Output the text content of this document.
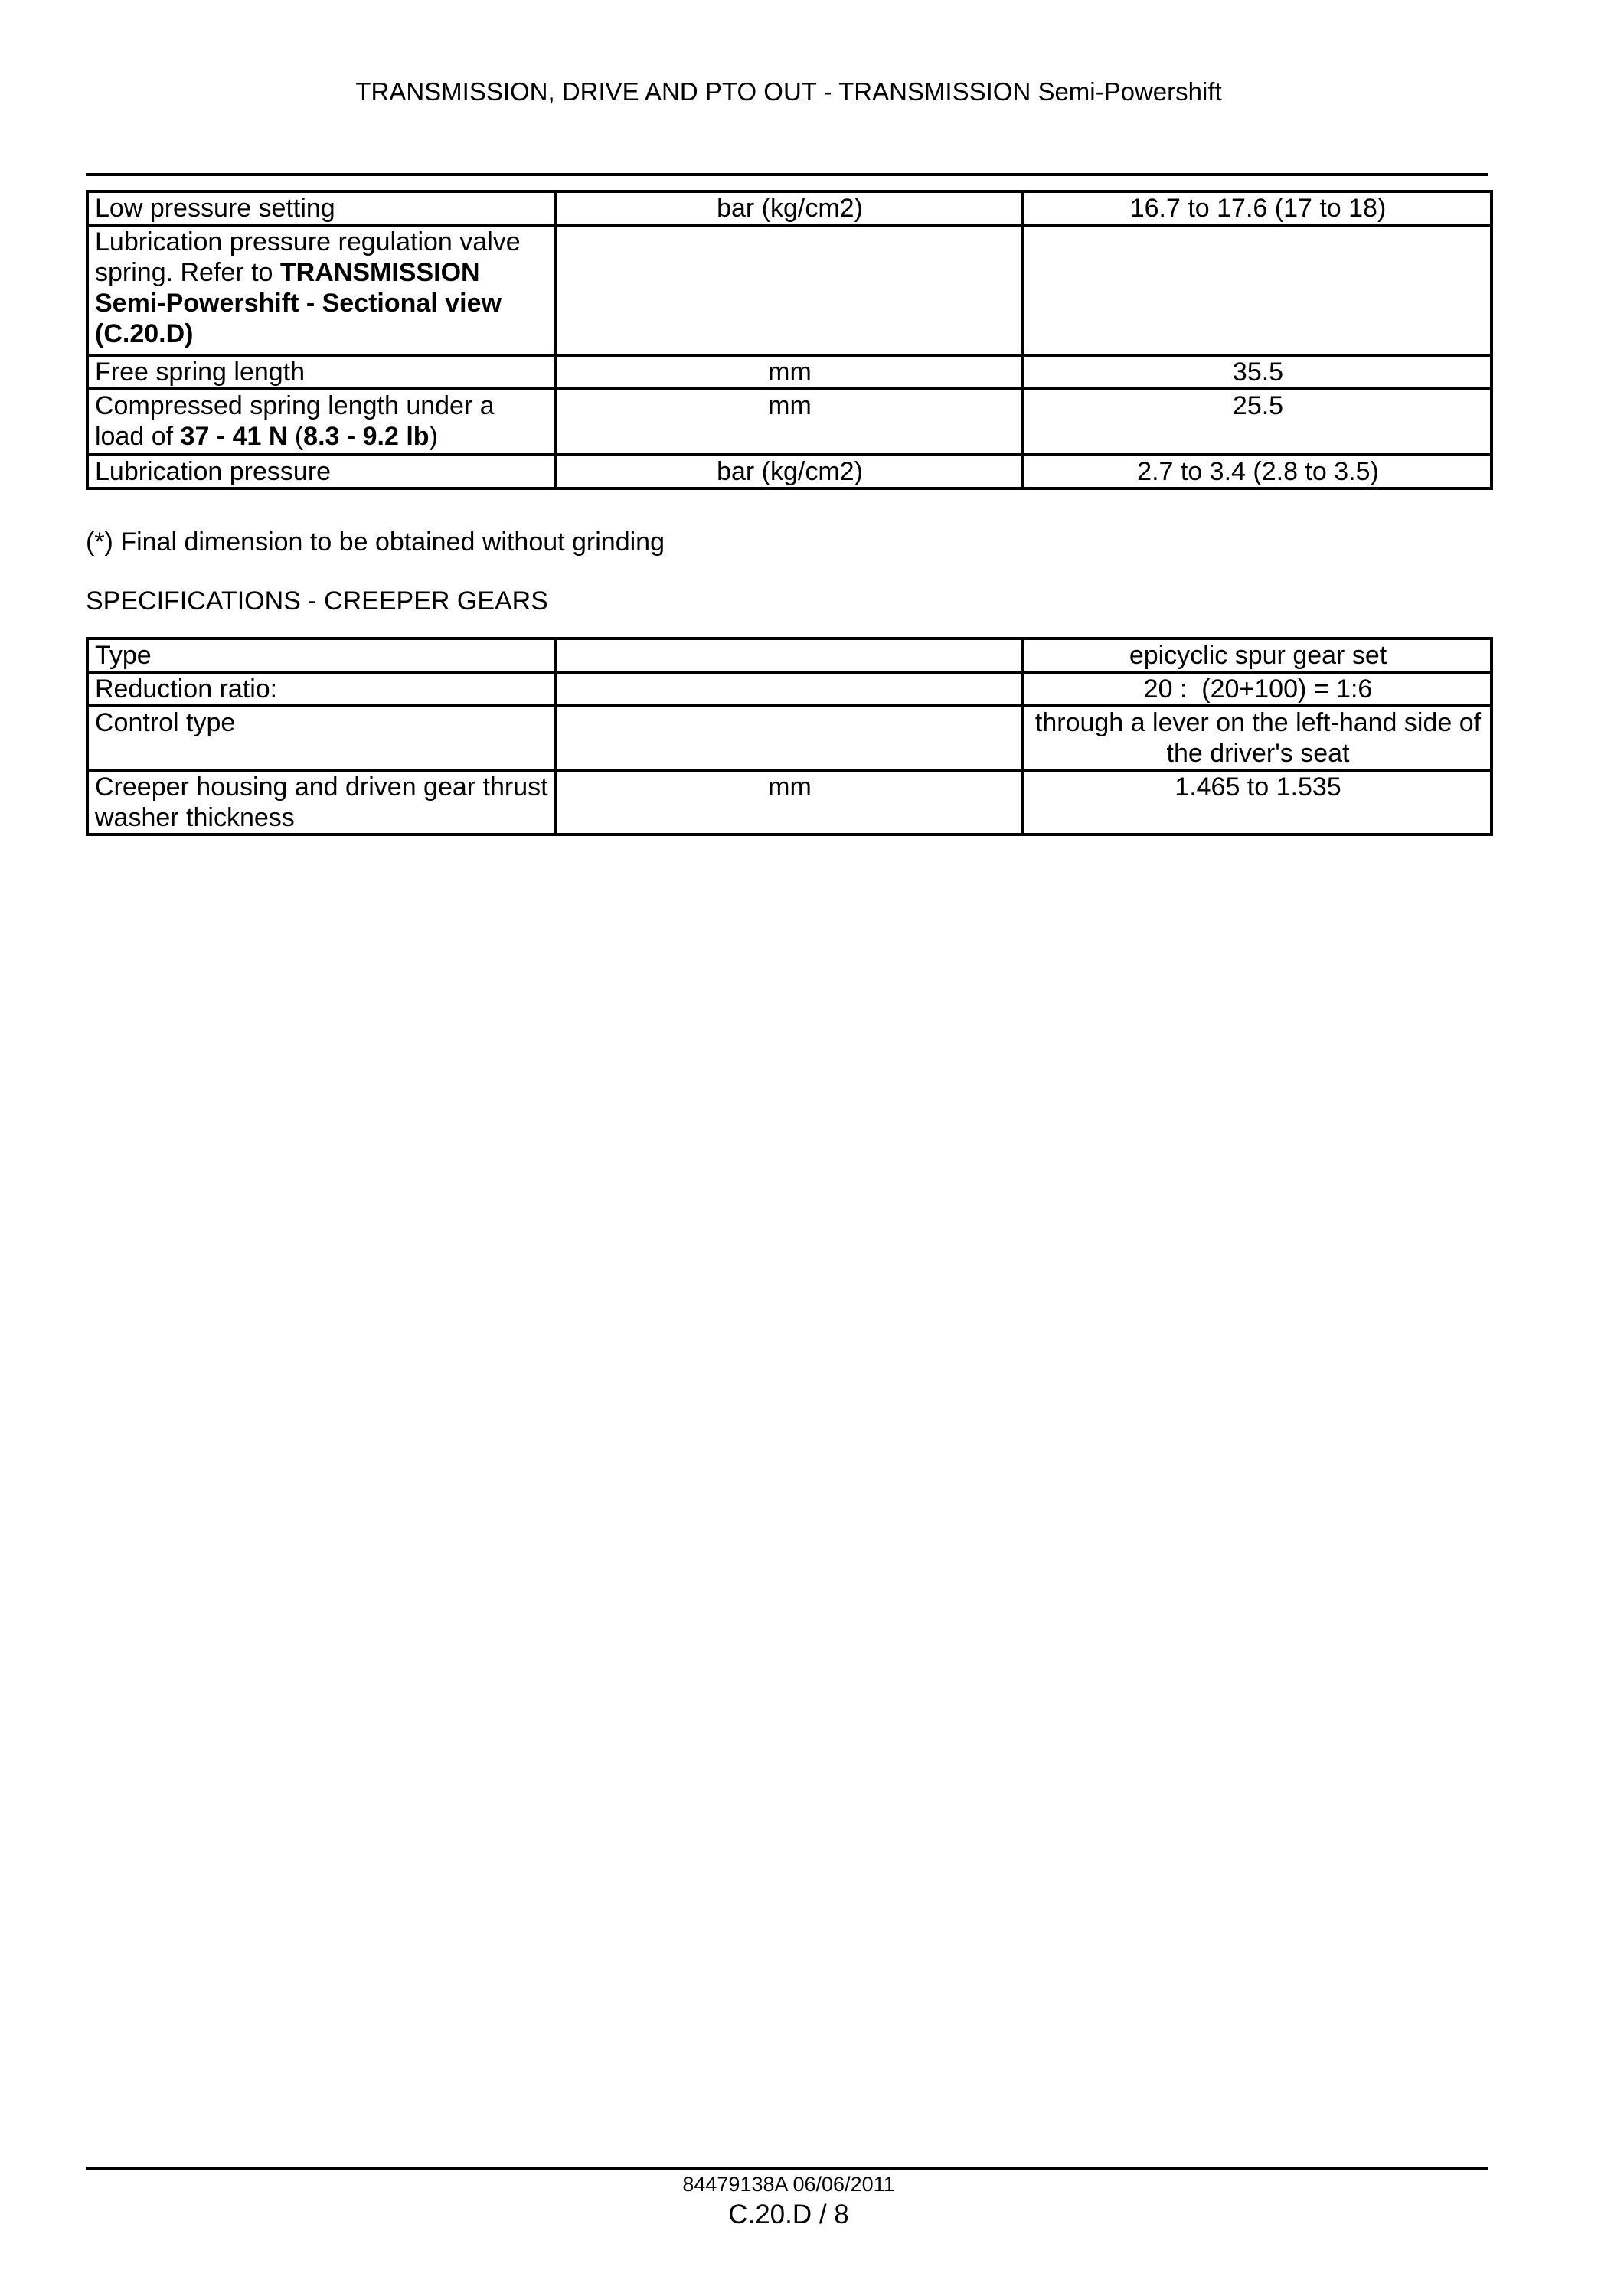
TRANSMISSION, DRIVE AND PTO OUT - TRANSMISSION Semi-Powershift
Low pressure setting	bar (kg/cm2)	16.7 to 17.6 (17 to 18)
Lubrication pressure regulation valve spring. Refer to TRANSMISSION Semi-Powershift - Sectional view (C.20.D)		
Free spring length	mm	35.5
Compressed spring length under a load of 37 - 41 N (8.3 - 9.2 lb)	mm	25.5
Lubrication pressure	bar (kg/cm2)	2.7 to 3.4 (2.8 to 3.5)
(*) Final dimension to be obtained without grinding
SPECIFICATIONS - CREEPER GEARS
Type		epicyclic spur gear set
Reduction ratio:		20 :  (20+100) = 1:6
Control type		through a lever on the left-hand side of the driver's seat
Creeper housing and driven gear thrust washer thickness	mm	1.465 to 1.535
84479138A 06/06/2011
C.20.D / 8
